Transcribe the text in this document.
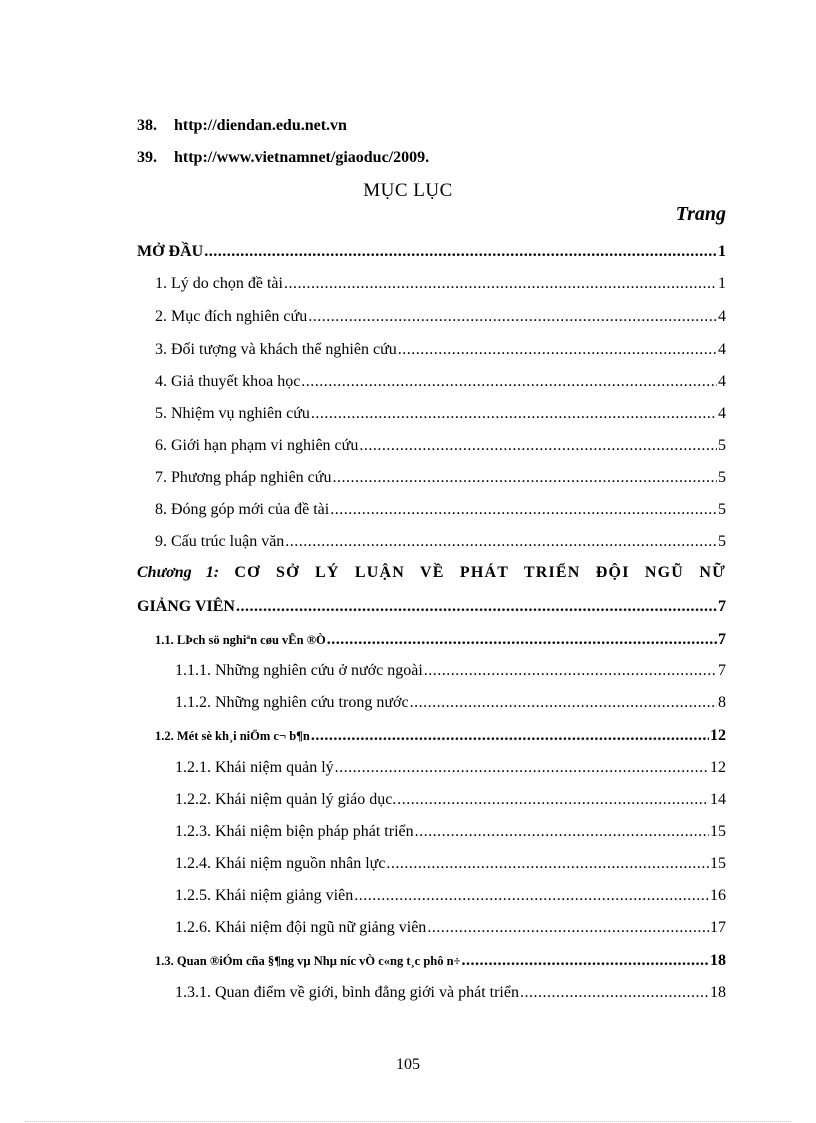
38. http://diendan.edu.net.vn
39. http://www.vietnamnet/giaoduc/2009.
MỤC LỤC
Trang
MỞ ĐẦU .....	1
1. Lý do chọn đề tài .....	1
2. Mục đích nghiên cứu .....	4
3. Đối tượng và khách thể nghiên cứu .....	4
4. Giả thuyết khoa học .....	4
5. Nhiệm vụ nghiên cứu .....	4
6. Giới hạn phạm vi nghiên cứu .....	5
7. Phương pháp nghiên cứu .....	5
8. Đóng góp mới của đề tài .....	5
9. Cấu trúc luận văn .....	5
Chương 1: CƠ SỞ LÝ LUẬN VỀ PHÁT TRIỂN ĐỘI NGŨ NỮ
GIẢNG VIÊN .....	7
1.1. LÞch sö nghiªn cøu vÊn ®Ò .....	7
1.1.1. Những nghiên cứu ở nước ngoài .....	7
1.1.2. Những nghiên cứu trong nước .....	8
1.2. Mét sè kh¸i niÖm c¬ b¶n .....	12
1.2.1. Khái niệm quản lý .....	12
1.2.2. Khái niệm quản lý giáo dục. .....	14
1.2.3. Khái niệm biện pháp phát triển .....	15
1.2.4. Khái niệm nguồn nhân lực .....	15
1.2.5. Khái niệm giảng viên .....	16
1.2.6. Khái niệm đội ngũ nữ giảng viên .....	17
1.3. Quan ®iÓm cña §¶ng vµ Nhµ níc vÒ c«ng t¸c phô n÷ .....	18
1.3.1. Quan điểm về giới, bình đẳng giới và phát triển .....	18
105
